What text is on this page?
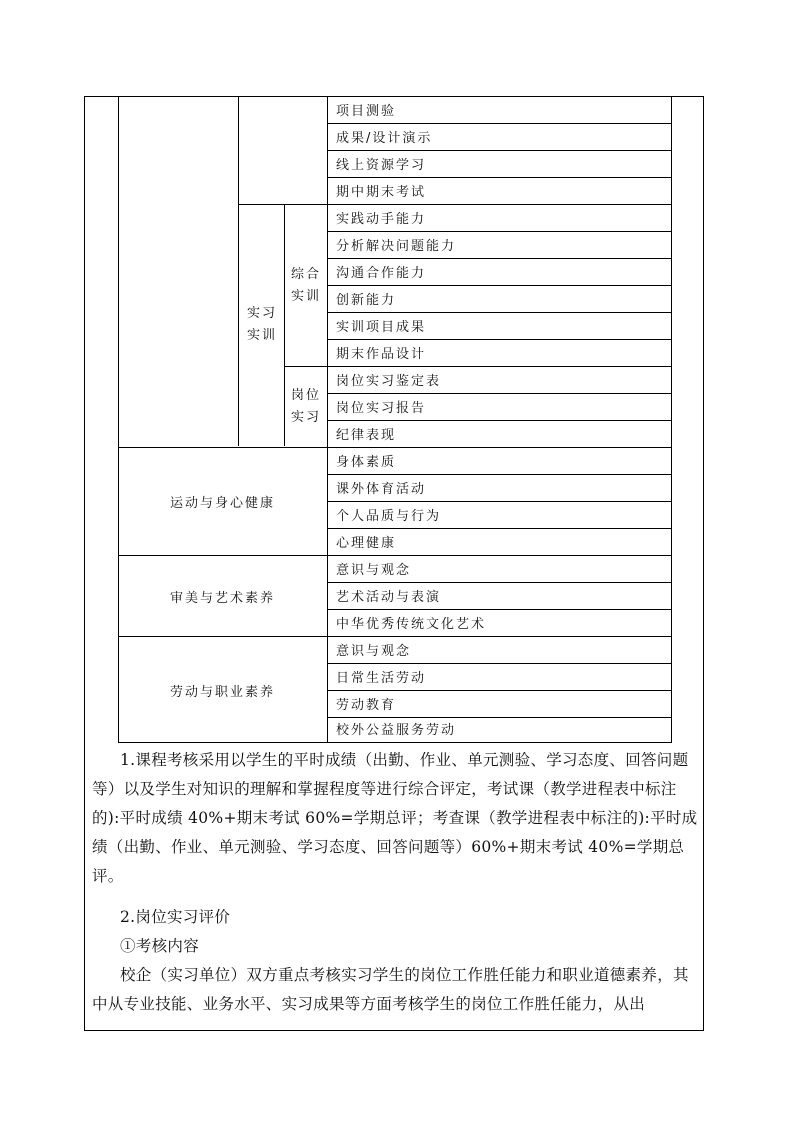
项目测验
成果/设计演示
线上资源学习
期中期末考试
实习
实训
综合
实训
实践动手能力
分析解决问题能力
沟通合作能力
创新能力
实训项目成果
期末作品设计
岗位
实习
岗位实习鉴定表
岗位实习报告
纪律表现
运动与身心健康
身体素质
课外体育活动
个人品质与行为
心理健康
审美与艺术素养
意识与观念
艺术活动与表演
中华优秀传统文化艺术
劳动与职业素养
意识与观念
日常生活劳动
劳动教育
校外公益服务劳动
1.课程考核采用以学生的平时成绩（出勤、作业、单元测验、学习态度、回答问题等）以及学生对知识的理解和掌握程度等进行综合评定，考试课（教学进程表中标注的):平时成绩 40%+期末考试 60%=学期总评；考查课（教学进程表中标注的):平时成绩（出勤、作业、单元测验、学习态度、回答问题等）60%+期末考试 40%=学期总评。
2.岗位实习评价
①考核内容
校企（实习单位）双方重点考核实习学生的岗位工作胜任能力和职业道德素养，其中从专业技能、业务水平、实习成果等方面考核学生的岗位工作胜任能力，从出
